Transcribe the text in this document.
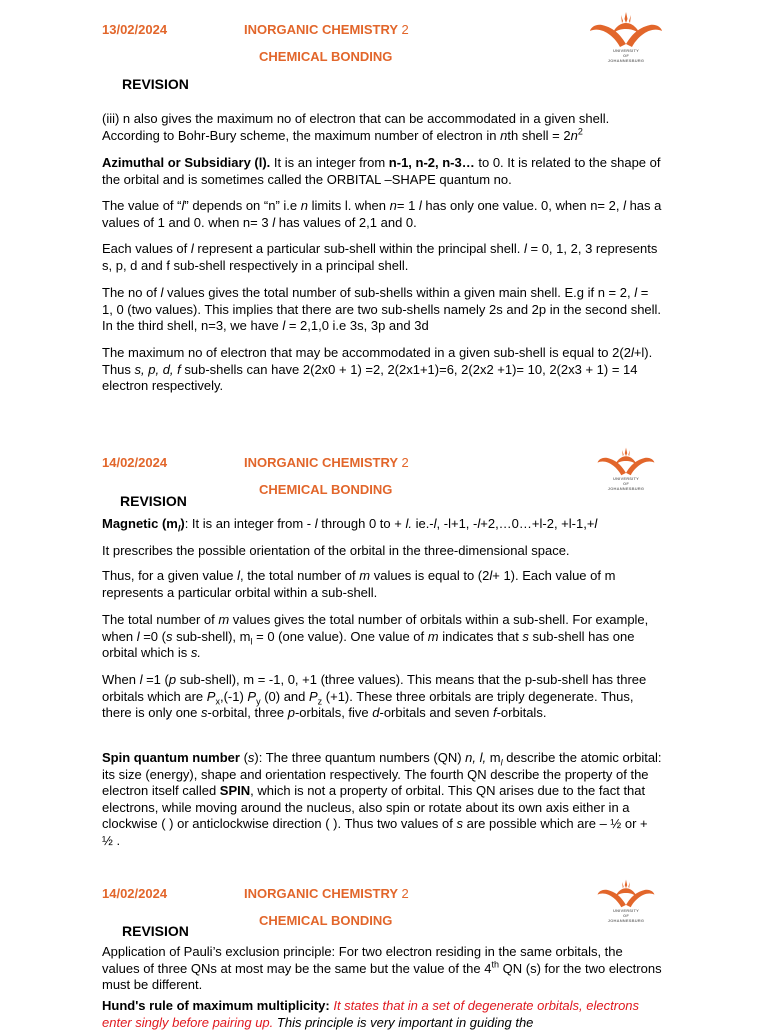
13/02/2024	INORGANIC CHEMISTRY 2
CHEMICAL BONDING	UNIVERSITY
OF
JOHANNESBURG
REVISION

(iii) n also gives the maximum no of electron that can be accommodated in a given shell. According to Bohr-Bury scheme, the maximum number of electron in nth shell = $2n^2$

Azimuthal or Subsidiary (l). It is an integer from n-1, n-2, n-3… to 0. It is related to the shape of the orbital and is sometimes called the ORBITAL –SHAPE quantum no.

The value of “l” depends on “n” i.e n limits l. when n= 1 l has only one value. 0, when n= 2, l has a values of 1 and 0. when n= 3 l has values of 2,1 and 0.

Each values of l represent a particular sub-shell within the principal shell. l = 0, 1, 2, 3 represents s, p, d and f sub-shell respectively in a principal shell.

The no of l values gives the total number of sub-shells within a given main shell. E.g if n = 2, l = 1, 0 (two values). This implies that there are two sub-shells namely 2s and 2p in the second shell. In the third shell, n=3, we have l = 2,1,0 i.e 3s, 3p and 3d

The maximum no of electron that may be accommodated in a given sub-shell is equal to 2(2l+l). Thus s, p, d, f sub-shells can have 2(2x0 + 1) =2, 2(2x1+1)=6, 2(2x2 +1)= 10, 2(2x3 + 1) = 14 electron respectively.

14/02/2024	INORGANIC CHEMISTRY 2
CHEMICAL BONDING
UNIVERSITY
OF
JOHANNESBURG
REVISION

Magnetic $(m_l)$: It is an integer from - l through 0 to + l. ie.-l, -l+1, -l+2,…0…+l-2, +l-1,+l

It prescribes the possible orientation of the orbital in the three-dimensional space.

Thus, for a given value l, the total number of m values is equal to (2l+ 1). Each value of m represents a particular orbital within a sub-shell.

The total number of m values gives the total number of orbitals within a sub-shell. For example, when l =0 (s sub-shell), $m_l = 0$ (one value). One value of m indicates that s sub-shell has one orbital which is s.

When l =1 (p sub-shell), m = -1, 0, +1 (three values). This means that the p-sub-shell has three orbitals which are $P_x,(-1)$ $P_y$ (0) and $P_z$ (+1). These three orbitals are triply degenerate. Thus, there is only one s-orbital, three p-orbitals, five d-orbitals and seven f-orbitals.

Spin quantum number (s): The three quantum numbers (QN) n, l, $m_l$ describe the atomic orbital: its size (energy), shape and orientation respectively. The fourth QN describe the property of the electron itself called SPIN, which is not a property of orbital. This QN arises due to the fact that electrons, while moving around the nucleus, also spin or rotate about its own axis either in a clockwise ( ) or anticlockwise direction ( ). Thus two values of s are possible which are – ½ or + ½ .

14/02/2024	INORGANIC CHEMISTRY 2
CHEMICAL BONDING
UNIVERSITY
OF
JOHANNESBURG
REVISION

Application of Pauli’s exclusion principle: For two electron residing in the same orbitals, the values of three QNs at most may be the same but the value of the 4th QN (s) for the two electrons must be different.

Hund's rule of maximum multiplicity: It states that in a set of degenerate orbitals, electrons enter singly before pairing up. This principle is very important in guiding the
